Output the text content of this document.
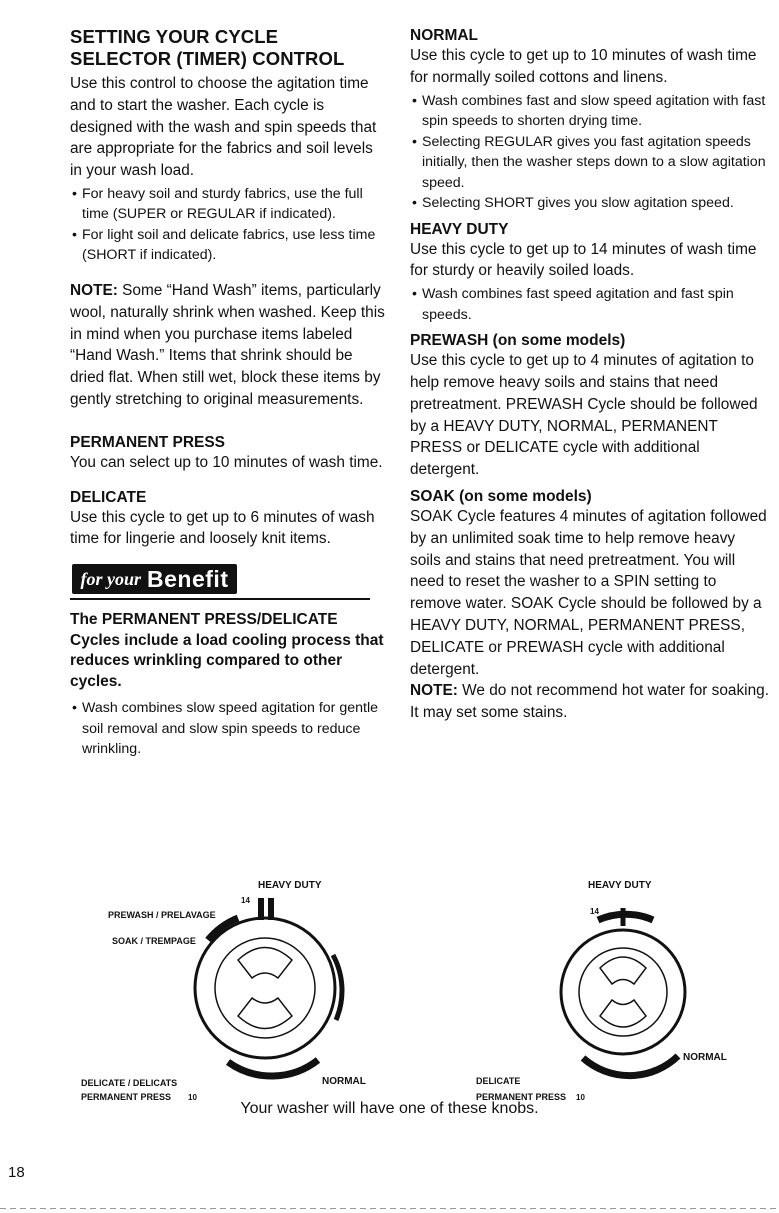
SETTING YOUR CYCLE
SELECTOR (TIMER) CONTROL

Use this control to choose the agitation time and to start the washer. Each cycle is designed with the wash and spin speeds that are appropriate for the fabrics and soil levels in your wash load.

• For heavy soil and sturdy fabrics, use the full time (SUPER or REGULAR if indicated).
• For light soil and delicate fabrics, use less time (SHORT if indicated).

NOTE: Some “Hand Wash” items, particularly wool, naturally shrink when washed. Keep this in mind when you purchase items labeled “Hand Wash.” Items that shrink should be dried flat. When still wet, block these items by gently stretching to original measurements.

PERMANENT PRESS

You can select up to 10 minutes of wash time.

DELICATE

Use this cycle to get up to 6 minutes of wash time for lingerie and loosely knit items.

for your Benefit

The PERMANENT PRESS/DELICATE Cycles include a load cooling process that reduces wrinkling compared to other cycles.

• Wash combines slow speed agitation for gentle soil removal and slow spin speeds to reduce wrinkling.
NORMAL

Use this cycle to get up to 10 minutes of wash time for normally soiled cottons and linens.

• Wash combines fast and slow speed agitation with fast spin speeds to shorten drying time.
• Selecting REGULAR gives you fast agitation speeds initially, then the washer steps down to a slow agitation speed.
• Selecting SHORT gives you slow agitation speed.
HEAVY DUTY

Use this cycle to get up to 14 minutes of wash time for sturdy or heavily soiled loads.

• Wash combines fast speed agitation and fast spin speeds.
PREWASH (on some models)

Use this cycle to get up to 4 minutes of agitation to help remove heavy soils and stains that need pretreatment. PREWASH Cycle should be followed by a HEAVY DUTY, NORMAL, PERMANENT PRESS or DELICATE cycle with additional detergent.

SOAK (on some models)

SOAK Cycle features 4 minutes of agitation followed by an unlimited soak time to help remove heavy soils and stains that need pretreatment. You will need to reset the washer to a SPIN setting to remove water. SOAK Cycle should be followed by a HEAVY DUTY, NORMAL, PERMANENT PRESS, DELICATE or PREWASH cycle with additional detergent.

NOTE: We do not recommend hot water for soaking. It may set some stains.

HEAVY DUTY
14
PREWASH / PRELAVAGE
SOAK / TREMPAGE
DELICATE / DELICATS
PERMANENT PRESS 10
NORMAL
HEAVY DUTY
14
DELICATE
PERMANENT PRESS 10
NORMAL
Your washer will have one of these knobs.
18
